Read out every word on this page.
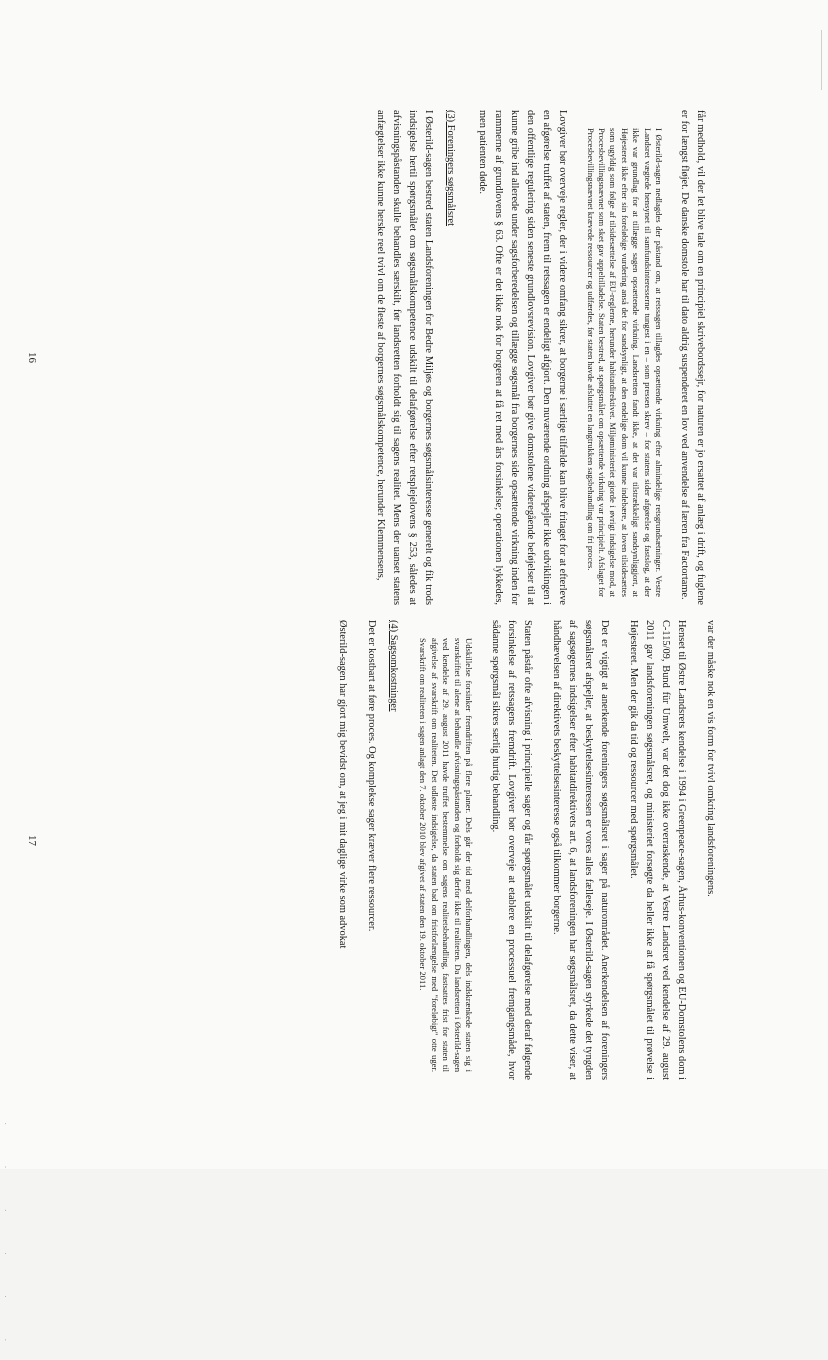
. . . . . .

får medhold, vil der let blive tale om en principiel skrivebordssejr, for naturen er jo ersattet af anlæg i drift, og fuglene er for længst fløjet. De danske domstole har til dato aldrig suspenderet en lov ved anvendelse af læren fra Factortame.

I Østerild-sagen nedlagdes der påstand om, at retssagen tillagdes opsættende virkning efter almindelige retsgrundsætninger. Vestre Landsret vægtede hensynet til samfundsinteresserne tungest i en – som pressen skrev – for statens sider afgørelse og fastslog, at der ikke var grundlag for at tillægge sagen opsættende virkning. Landsretten fandt ikke, at det var tilstrækkeligt sandsynliggjort, at Højesteret ikke efter sin foreløbige vurdering anså det for sandsynligt, at den endelige dom vil kunne indebære, at loven tilsidesættes som ugyldig som følge af tilsidesættelse af EU-reglerne, herunder habitatdirektivet. Miljøministeriet gjorde i øvrigt indsigelse mod, at Procesbevillingsnævnet som sket gav appeltilladelse. Staten bestred, at spørgsmålet om opsættende virkning var principielt. Afslaget for Procesbevillingsnævnet krævede ressourcer og udfærdes, før staten havde afsluttet en langtrukken sagsbehandling om fri proces.

Lovgiver bør overveje regler, der i videre omfang sikrer, at borgerne i særlige tilfælde kan blive fritaget for at efterleve en afgørelse truffet af staten, frem til retssagen er endeligt afgjort. Den nuværende ordning afspejler ikke udviklingen i den offentlige regulering siden seneste grundlovsrevision. Lovgiver bør give domstolene videregående beføjelser til at kunne gribe ind allerede under sagsforberedelsen og tillægge søgsmål fra borgernes side opsættende virkning inden for rammerne af grundlovens § 63. Ofte er det ikke nok for borgeren at få ret med års forsinkelse; operationen lykkedes, men patienten døde.

(3) Foreningers søgsmålsret

I Østerild-sagen bestred staten Landsforeningen for Bedre Miljøs og borgernes søgsmålsinteresse generelt og fik trods indsigelse hertil spørgsmålet om søgsmålskompetence udskilt til delafgørelse efter retsplejelovens § 253, således at afvisningspåstanden skulle behandles særskilt, før landsretten forholdt sig til sagens realitet. Mens der uanset statens anfægtelser ikke kunne herske reel tvivl om de fleste af borgernes søgsmålskompetence, herunder Klemmensens,

16

var der måske nok en vis form for tvivl omkring landsforeningens.

Henset til Østre Landsrets kendelse i 1994 i Greenpeace-sagen, Århus-konventionen og EU-Domstolens dom i C-115/09, Bund für Umwelt, var det dog ikke overraskende, at Vestre Landsret ved kendelse af 29. august 2011 gav landsforeningen søgsmålsret, og ministeriet forsøgte da heller ikke at få spørgsmålet til prøvelse i Højesteret. Men der gik da tid og ressourcer med spørgsmålet.

Det er vigtigt at anerkende foreningers søgsmålsret i sager på naturområdet. Anerkendelsen af foreningers søgsmålsret afspejler, at beskyttelsesinteressen er vores alles fælleseje. I Østerild-sagen styrkede det tyngden af sagsøgernes indsigelser efter habitatdirektivets art. 6, at landsforeningen har søgsmålsret, da dette viser, at håndhævelsen af direktivets beskyttelsesinteresse også tilkommer borgerne.

Staten påstår ofte afvisning i principielle sager og får spørgsmålet udskilt til delafgørelse med deraf følgende forsinkelse af retssagens fremdrift. Lovgiver bør overveje at etablere en processuel fremgangsmåde, hvor sådanne spørgsmål sikres særlig hurtig behandling.

Udskillelse forsinker fremdriften på flere planer. Dels går der tid med delforhandlingen, dels indskrænkede staten sig i svarskriftet til alene at behandle afvisningspåstanden og forholdt sig derfor ikke til realiteten. Da landsretten i Østerild-sagen ved kendelse af 29. august 2011 havde truffet bestemmelse om sagens realitetsbehandling, fastsattes frist for staten til afgivelse af svarskrift om realiteten. Det udløste indsigelse, da staten bad om fristforlængelse med "foreløbigt" otte uger. Svarskrift om realiteten i sagen anlagt den 7. oktober 2010 blev afgivet af staten den 19. oktober 2011.
(4) Sagsomkostninger

Det er kostbart at føre proces. Og komplekse sager kræver flere ressourcer.

Østerild-sagen har gjort mig bevidst om, at jeg i mit daglige virke som advokat

17
